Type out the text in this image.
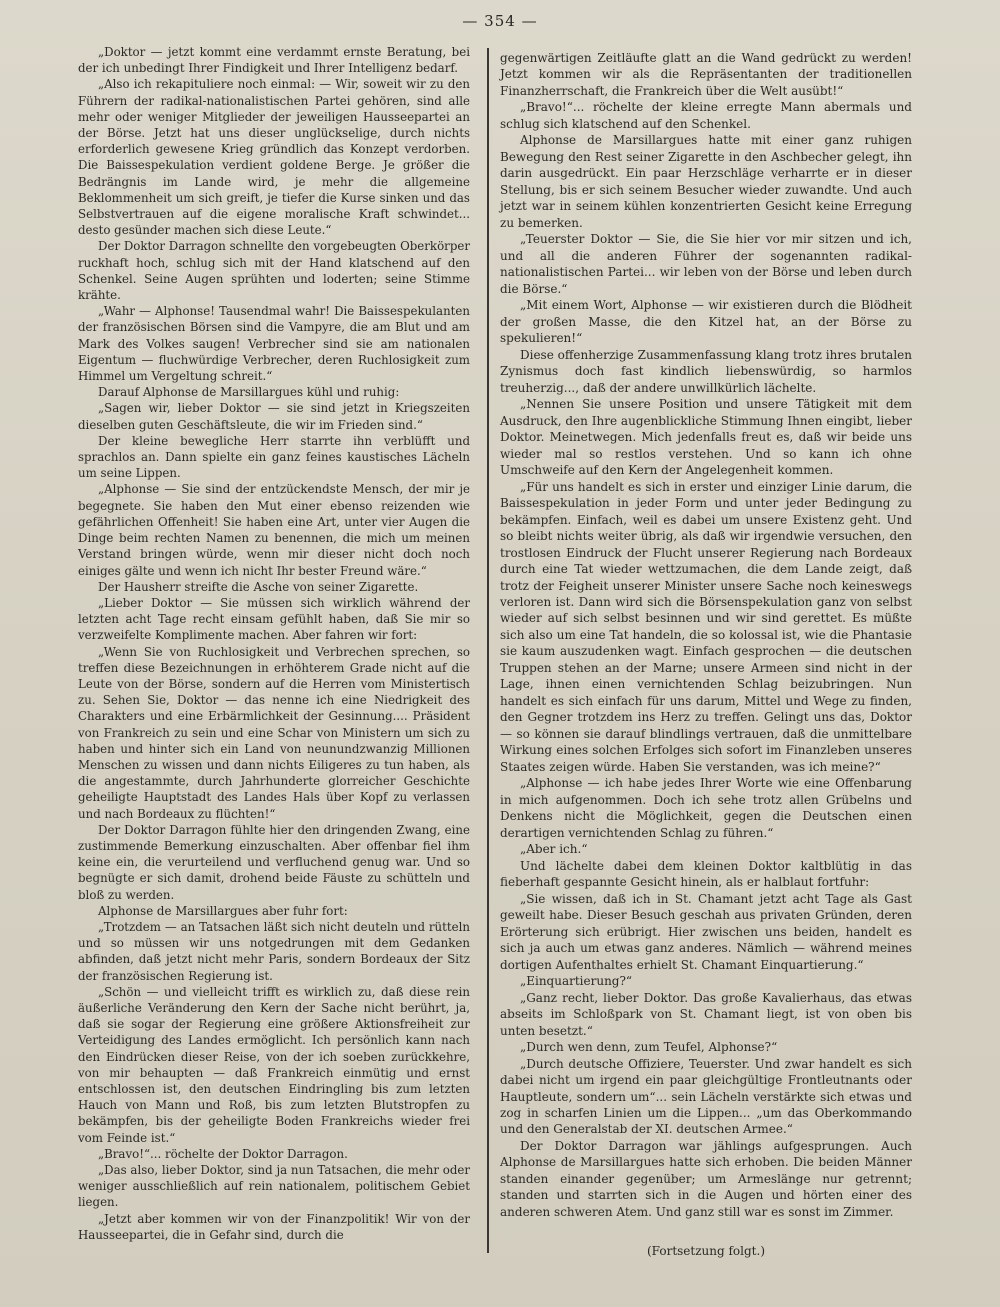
— 354 —

„Doktor — jetzt kommt eine verdammt ernste Beratung, bei der ich unbedingt Ihrer Findigkeit und Ihrer Intelligenz bedarf.

„Also ich rekapituliere noch einmal: — Wir, soweit wir zu den Führern der radikal-nationalistischen Partei gehören, sind alle mehr oder weniger Mitglieder der jeweiligen Hausseepartei an der Börse. Jetzt hat uns dieser unglückselige, durch nichts erforderlich gewesene Krieg gründlich das Konzept verdorben. Die Baissespekulation verdient goldene Berge. Je größer die Bedrängnis im Lande wird, je mehr die allgemeine Beklommenheit um sich greift, je tiefer die Kurse sinken und das Selbstvertrauen auf die eigene moralische Kraft schwindet... desto gesünder machen sich diese Leute.“

Der Doktor Darragon schnellte den vorgebeugten Oberkörper ruckhaft hoch, schlug sich mit der Hand klatschend auf den Schenkel. Seine Augen sprühten und loderten; seine Stimme krähte.

„Wahr — Alphonse! Tausendmal wahr! Die Baissespekulanten der französischen Börsen sind die Vampyre, die am Blut und am Mark des Volkes saugen! Verbrecher sind sie am nationalen Eigentum — fluchwürdige Verbrecher, deren Ruchlosigkeit zum Himmel um Vergeltung schreit.“

Darauf Alphonse de Marsillargues kühl und ruhig:

„Sagen wir, lieber Doktor — sie sind jetzt in Kriegszeiten dieselben guten Geschäftsleute, die wir im Frieden sind.“

Der kleine bewegliche Herr starrte ihn verblüfft und sprachlos an. Dann spielte ein ganz feines kaustisches Lächeln um seine Lippen.

„Alphonse — Sie sind der entzückendste Mensch, der mir je begegnete. Sie haben den Mut einer ebenso reizenden wie gefährlichen Offenheit! Sie haben eine Art, unter vier Augen die Dinge beim rechten Namen zu benennen, die mich um meinen Verstand bringen würde, wenn mir dieser nicht doch noch einiges gälte und wenn ich nicht Ihr bester Freund wäre.“

Der Hausherr streifte die Asche von seiner Zigarette.

„Lieber Doktor — Sie müssen sich wirklich während der letzten acht Tage recht einsam gefühlt haben, daß Sie mir so verzweifelte Komplimente machen. Aber fahren wir fort:

„Wenn Sie von Ruchlosigkeit und Verbrechen sprechen, so treffen diese Bezeichnungen in erhöhterem Grade nicht auf die Leute von der Börse, sondern auf die Herren vom Ministertisch zu. Sehen Sie, Doktor — das nenne ich eine Niedrigkeit des Charakters und eine Erbärmlichkeit der Gesinnung.... Präsident von Frankreich zu sein und eine Schar von Ministern um sich zu haben und hinter sich ein Land von neunundzwanzig Millionen Menschen zu wissen und dann nichts Eiligeres zu tun haben, als die angestammte, durch Jahrhunderte glorreicher Geschichte geheiligte Hauptstadt des Landes Hals über Kopf zu verlassen und nach Bordeaux zu flüchten!“

Der Doktor Darragon fühlte hier den dringenden Zwang, eine zustimmende Bemerkung einzuschalten. Aber offenbar fiel ihm keine ein, die verurteilend und verfluchend genug war. Und so begnügte er sich damit, drohend beide Fäuste zu schütteln und bloß zu werden.

Alphonse de Marsillargues aber fuhr fort:

„Trotzdem — an Tatsachen läßt sich nicht deuteln und rütteln und so müssen wir uns notgedrungen mit dem Gedanken abfinden, daß jetzt nicht mehr Paris, sondern Bordeaux der Sitz der französischen Regierung ist.

„Schön — und vielleicht trifft es wirklich zu, daß diese rein äußerliche Veränderung den Kern der Sache nicht berührt, ja, daß sie sogar der Regierung eine größere Aktionsfreiheit zur Verteidigung des Landes ermöglicht. Ich persönlich kann nach den Eindrücken dieser Reise, von der ich soeben zurückkehre, von mir behaupten — daß Frankreich einmütig und ernst entschlossen ist, den deutschen Eindringling bis zum letzten Hauch von Mann und Roß, bis zum letzten Blutstropfen zu bekämpfen, bis der geheiligte Boden Frankreichs wieder frei vom Feinde ist.“

„Bravo!“... röchelte der Doktor Darragon.

„Das also, lieber Doktor, sind ja nun Tatsachen, die mehr oder weniger ausschließlich auf rein nationalem, politischem Gebiet liegen.

„Jetzt aber kommen wir von der Finanzpolitik! Wir von der Hausseepartei, die in Gefahr sind, durch die

gegenwärtigen Zeitläufte glatt an die Wand gedrückt zu werden! Jetzt kommen wir als die Repräsentanten der traditionellen Finanzherrschaft, die Frankreich über die Welt ausübt!“

„Bravo!“... röchelte der kleine erregte Mann abermals und schlug sich klatschend auf den Schenkel.

Alphonse de Marsillargues hatte mit einer ganz ruhigen Bewegung den Rest seiner Zigarette in den Aschbecher gelegt, ihn darin ausgedrückt. Ein paar Herzschläge verharrte er in dieser Stellung, bis er sich seinem Besucher wieder zuwandte. Und auch jetzt war in seinem kühlen konzentrierten Gesicht keine Erregung zu bemerken.

„Teuerster Doktor — Sie, die Sie hier vor mir sitzen und ich, und all die anderen Führer der sogenannten radikal-nationalistischen Partei... wir leben von der Börse und leben durch die Börse.“

„Mit einem Wort, Alphonse — wir existieren durch die Blödheit der großen Masse, die den Kitzel hat, an der Börse zu spekulieren!“

Diese offenherzige Zusammenfassung klang trotz ihres brutalen Zynismus doch fast kindlich liebenswürdig, so harmlos treuherzig..., daß der andere unwillkürlich lächelte.

„Nennen Sie unsere Position und unsere Tätigkeit mit dem Ausdruck, den Ihre augenblickliche Stimmung Ihnen eingibt, lieber Doktor. Meinetwegen. Mich jedenfalls freut es, daß wir beide uns wieder mal so restlos verstehen. Und so kann ich ohne Umschweife auf den Kern der Angelegenheit kommen.

„Für uns handelt es sich in erster und einziger Linie darum, die Baissespekulation in jeder Form und unter jeder Bedingung zu bekämpfen. Einfach, weil es dabei um unsere Existenz geht. Und so bleibt nichts weiter übrig, als daß wir irgendwie versuchen, den trostlosen Eindruck der Flucht unserer Regierung nach Bordeaux durch eine Tat wieder wettzumachen, die dem Lande zeigt, daß trotz der Feigheit unserer Minister unsere Sache noch keineswegs verloren ist. Dann wird sich die Börsenspekulation ganz von selbst wieder auf sich selbst besinnen und wir sind gerettet. Es müßte sich also um eine Tat handeln, die so kolossal ist, wie die Phantasie sie kaum auszudenken wagt. Einfach gesprochen — die deutschen Truppen stehen an der Marne; unsere Armeen sind nicht in der Lage, ihnen einen vernichtenden Schlag beizubringen. Nun handelt es sich einfach für uns darum, Mittel und Wege zu finden, den Gegner trotzdem ins Herz zu treffen. Gelingt uns das, Doktor — so können sie darauf blindlings vertrauen, daß die unmittelbare Wirkung eines solchen Erfolges sich sofort im Finanzleben unseres Staates zeigen würde. Haben Sie verstanden, was ich meine?“

„Alphonse — ich habe jedes Ihrer Worte wie eine Offenbarung in mich aufgenommen. Doch ich sehe trotz allen Grübelns und Denkens nicht die Möglichkeit, gegen die Deutschen einen derartigen vernichtenden Schlag zu führen.“

„Aber ich.“

Und lächelte dabei dem kleinen Doktor kaltblütig in das fieberhaft gespannte Gesicht hinein, als er halblaut fortfuhr:

„Sie wissen, daß ich in St. Chamant jetzt acht Tage als Gast geweilt habe. Dieser Besuch geschah aus privaten Gründen, deren Erörterung sich erübrigt. Hier zwischen uns beiden, handelt es sich ja auch um etwas ganz anderes. Nämlich — während meines dortigen Aufenthaltes erhielt St. Chamant Einquartierung.“

„Einquartierung?“

„Ganz recht, lieber Doktor. Das große Kavalierhaus, das etwas abseits im Schloßpark von St. Chamant liegt, ist von oben bis unten besetzt.“

„Durch wen denn, zum Teufel, Alphonse?“

„Durch deutsche Offiziere, Teuerster. Und zwar handelt es sich dabei nicht um irgend ein paar gleichgültige Frontleutnants oder Hauptleute, sondern um“... sein Lächeln verstärkte sich etwas und zog in scharfen Linien um die Lippen... „um das Oberkommando und den Generalstab der XI. deutschen Armee.“

Der Doktor Darragon war jählings aufgesprungen. Auch Alphonse de Marsillargues hatte sich erhoben. Die beiden Männer standen einander gegenüber; um Armeslänge nur getrennt; standen und starrten sich in die Augen und hörten einer des anderen schweren Atem. Und ganz still war es sonst im Zimmer.

(Fortsetzung folgt.)
